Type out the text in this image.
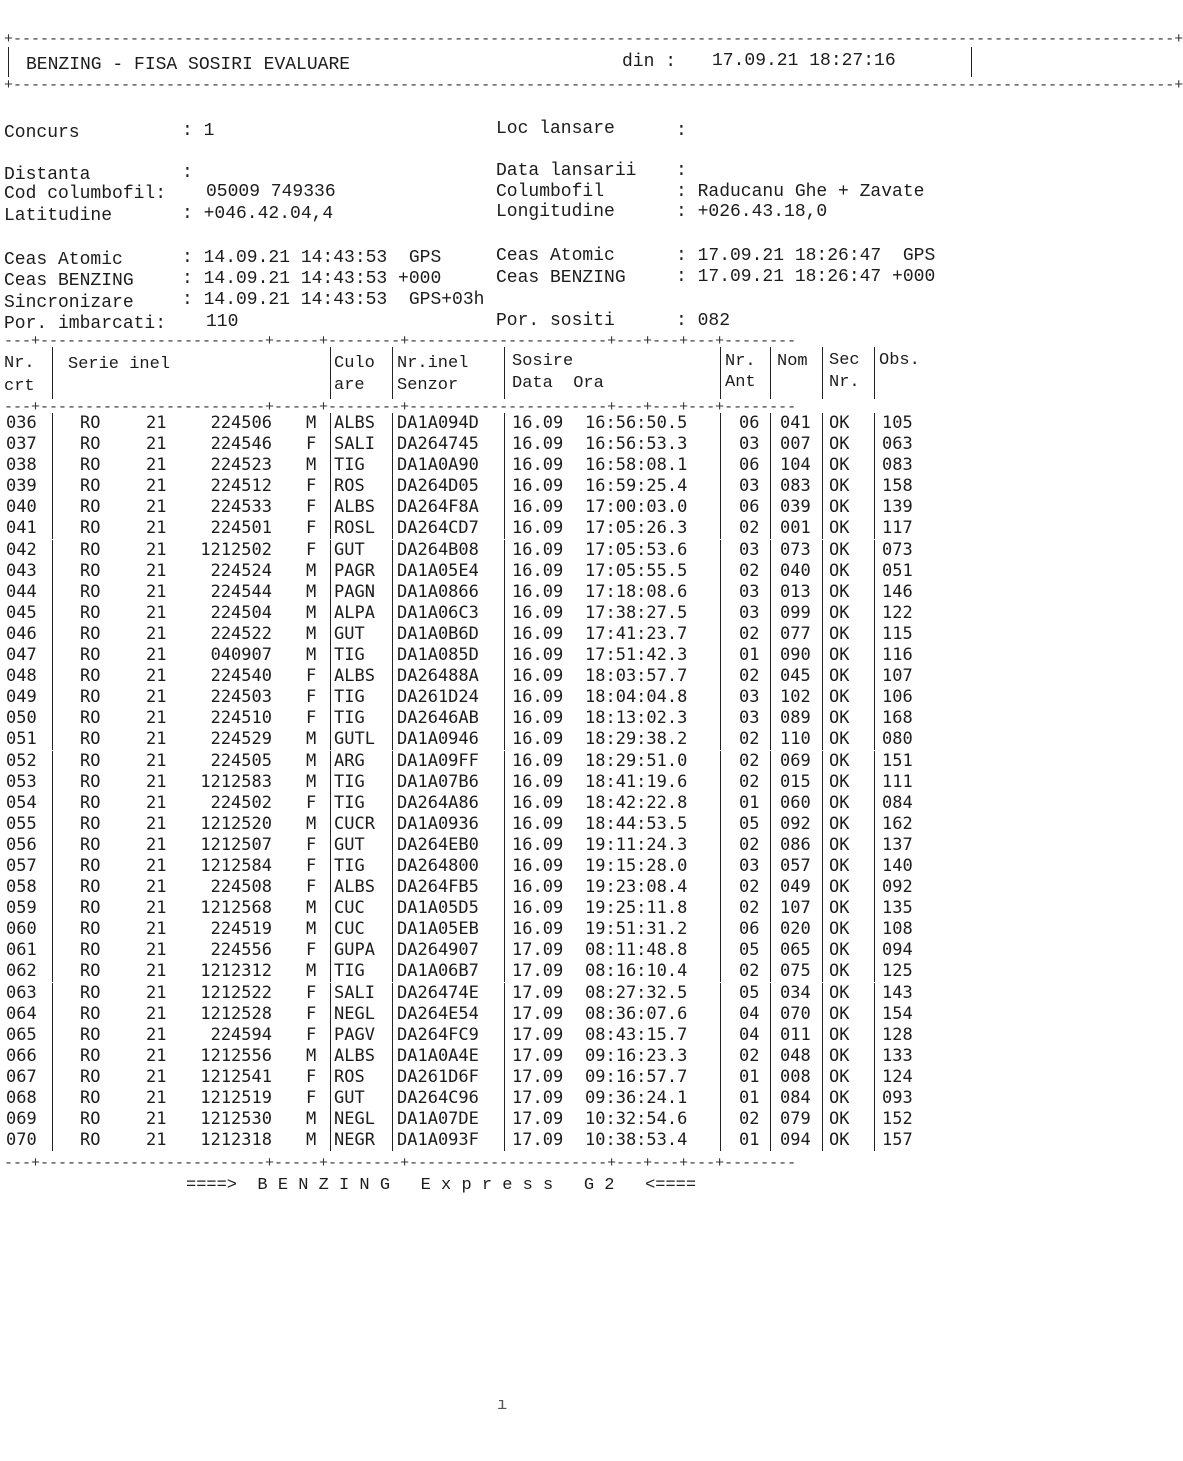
+---------------------------------------------------------------------------------------------------------------------------------+
BENZING - FISA SOSIRI EVALUARE	din : 17.09.21 18:27:16
+---------------------------------------------------------------------------------------------------------------------------------+
Concurs	: 1	Loc lansare	:
Distanta	:	Data lansarii :
Cod columbofil: 05009 749336	Columbofil	: Raducanu Ghe + Zavate
Latitudine	: +046.42.04,4	Longitudine	: +026.43.18,0
Ceas Atomic	: 14.09.21 14:43:53  GPS	Ceas Atomic	: 17.09.21 18:26:47  GPS
Ceas BENZING	: 14.09.21 14:43:53 +000	Ceas BENZING	: 17.09.21 18:26:47 +000
Sincronizare	: 14.09.21 14:43:53  GPS+03h
Por. imbarcati: 110	Por. sositi	: 082
---+-------------------------+-----+--------+----------------------+---+---+---+--------
Nr.
crt
Serie inel	Culo
are
Nr.inel
Senzor
Sosire
Data  Ora
Nr.
Ant
Nom Sec
Nr.
Obs.
---+-------------------------+-----+--------+----------------------+---+---+---+--------
036	RO	21	224506 M ALBS DA1A094D 16.09 16:56:50.5	06 041 OK 105
037	RO	21	224546 F SALI DA264745 16.09 16:56:53.3	03 007 OK 063
038	RO	21	224523 M TIG DA1A0A90 16.09 16:58:08.1	06 104 OK 083
039	RO	21	224512 F ROS DA264D05 16.09 16:59:25.4	03 083 OK 158
040	RO	21	224533 F ALBS DA264F8A 16.09 17:00:03.0	06 039 OK 139
041	RO	21	224501 F ROSL DA264CD7 16.09 17:05:26.3	02 001 OK 117
042	RO	21	1212502 F GUT DA264B08 16.09 17:05:53.6	03 073 OK 073
043	RO	21	224524 M PAGR DA1A05E4 16.09 17:05:55.5	02 040 OK 051
044	RO	21	224544 M PAGN DA1A0866 16.09 17:18:08.6	03 013 OK 146
045	RO	21	224504 M ALPA DA1A06C3 16.09 17:38:27.5	03 099 OK 122
046	RO	21	224522 M GUT DA1A0B6D 16.09 17:41:23.7	02 077 OK 115
047	RO	21	040907 M TIG DA1A085D 16.09 17:51:42.3	01 090 OK 116
048	RO	21	224540 F ALBS DA26488A 16.09 18:03:57.7	02 045 OK 107
049	RO	21	224503 F TIG DA261D24 16.09 18:04:04.8	03 102 OK 106
050	RO	21	224510 F TIG DA2646AB 16.09 18:13:02.3	03 089 OK 168
051	RO	21	224529 M GUTL DA1A0946 16.09 18:29:38.2	02 110 OK 080
052	RO	21	224505 M ARG DA1A09FF 16.09 18:29:51.0	02 069 OK 151
053	RO	21	1212583 M TIG DA1A07B6 16.09 18:41:19.6	02 015 OK 111
054	RO	21	224502 F TIG DA264A86 16.09 18:42:22.8	01 060 OK 084
055	RO	21	1212520 M CUCR DA1A0936 16.09 18:44:53.5	05 092 OK 162
056	RO	21	1212507 F GUT DA264EB0 16.09 19:11:24.3	02 086 OK 137
057	RO	21	1212584 F TIG DA264800 16.09 19:15:28.0	03 057 OK 140
058	RO	21	224508 F ALBS DA264FB5 16.09 19:23:08.4	02 049 OK 092
059	RO	21	1212568 M CUC DA1A05D5 16.09 19:25:11.8	02 107 OK 135
060	RO	21	224519 M CUC DA1A05EB 16.09 19:51:31.2	06 020 OK 108
061	RO	21	224556 F GUPA DA264907 17.09 08:11:48.8	05 065 OK 094
062	RO	21	1212312 M TIG DA1A06B7 17.09 08:16:10.4	02 075 OK 125
063	RO	21	1212522 F SALI DA26474E 17.09 08:27:32.5	05 034 OK 143
064	RO	21	1212528 F NEGL DA264E54 17.09 08:36:07.6	04 070 OK 154
065	RO	21	224594 F PAGV DA264FC9 17.09 08:43:15.7	04 011 OK 128
066	RO	21	1212556 M ALBS DA1A0A4E 17.09 09:16:23.3	02 048 OK 133
067	RO	21	1212541 F ROS DA261D6F 17.09 09:16:57.7	01 008 OK 124
068	RO	21	1212519 F GUT DA264C96 17.09 09:36:24.1	01 084 OK 093
069	RO	21	1212530 M NEGL DA1A07DE 17.09 10:32:54.6	02 079 OK 152
070	RO	21	1212318 M NEGR DA1A093F 17.09 10:38:53.4	01 094 OK 157
---+-------------------------+-----+--------+----------------------+---+---+---+--------
====>  B E N Z I N G   E x p r e s s   G 2   <====
ı
